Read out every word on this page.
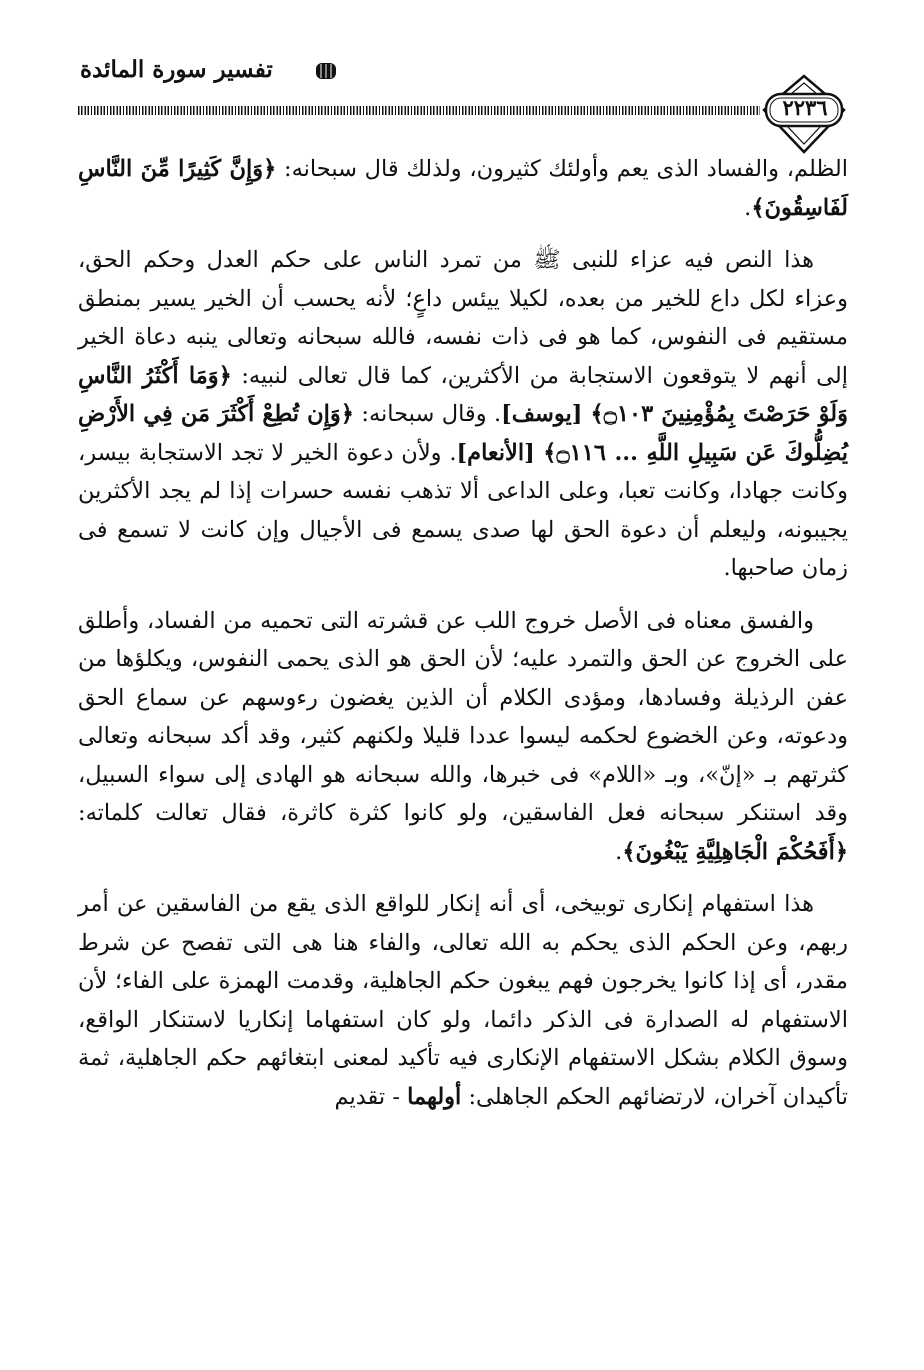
تفسير سورة المائدة
٢٢٣٦

الظلم، والفساد الذى يعم وأولئك كثيرون، ولذلك قال سبحانه: ﴿وَإِنَّ كَثِيرًا مِّنَ النَّاسِ لَفَاسِقُونَ﴾.

هذا النص فيه عزاء للنبى ﷺ من تمرد الناس على حكم العدل وحكم الحق، وعزاء لكل داع للخير من بعده، لكيلا ييئس داعٍ؛ لأنه يحسب أن الخير يسير بمنطق مستقيم فى النفوس، كما هو فى ذات نفسه، فالله سبحانه وتعالى ينبه دعاة الخير إلى أنهم لا يتوقعون الاستجابة من الأكثرين، كما قال تعالى لنبيه: ﴿وَمَا أَكْثَرُ النَّاسِ وَلَوْ حَرَصْتَ بِمُؤْمِنِينَ ۝١٠٣﴾ [يوسف]. وقال سبحانه: ﴿وَإِن تُطِعْ أَكْثَرَ مَن فِي الأَرْضِ يُضِلُّوكَ عَن سَبِيلِ اللَّهِ ... ۝١١٦﴾ [الأنعام]. ولأن دعوة الخير لا تجد الاستجابة بيسر، وكانت جهادا، وكانت تعبا، وعلى الداعى ألا تذهب نفسه حسرات إذا لم يجد الأكثرين يجيبونه، وليعلم أن دعوة الحق لها صدى يسمع فى الأجيال وإن كانت لا تسمع فى زمان صاحبها.

والفسق معناه فى الأصل خروج اللب عن قشرته التى تحميه من الفساد، وأطلق على الخروج عن الحق والتمرد عليه؛ لأن الحق هو الذى يحمى النفوس، ويكلؤها من عفن الرذيلة وفسادها، ومؤدى الكلام أن الذين يغضون رءوسهم عن سماع الحق ودعوته، وعن الخضوع لحكمه ليسوا عددا قليلا ولكنهم كثير، وقد أكد سبحانه وتعالى كثرتهم بـ «إنّ»، وبـ «اللام» فى خبرها، والله سبحانه هو الهادى إلى سواء السبيل، وقد استنكر سبحانه فعل الفاسقين، ولو كانوا كثرة كاثرة، فقال تعالت كلماته: ﴿أَفَحُكْمَ الْجَاهِلِيَّةِ يَبْغُونَ﴾.

هذا استفهام إنكارى توبيخى، أى أنه إنكار للواقع الذى يقع من الفاسقين عن أمر ربهم، وعن الحكم الذى يحكم به الله تعالى، والفاء هنا هى التى تفصح عن شرط مقدر، أى إذا كانوا يخرجون فهم يبغون حكم الجاهلية، وقدمت الهمزة على الفاء؛ لأن الاستفهام له الصدارة فى الذكر دائما، ولو كان استفهاما إنكاريا لاستنكار الواقع، وسوق الكلام بشكل الاستفهام الإنكارى فيه تأكيد لمعنى ابتغائهم حكم الجاهلية، ثمة تأكيدان آخران، لارتضائهم الحكم الجاهلى: أولهما - تقديم
